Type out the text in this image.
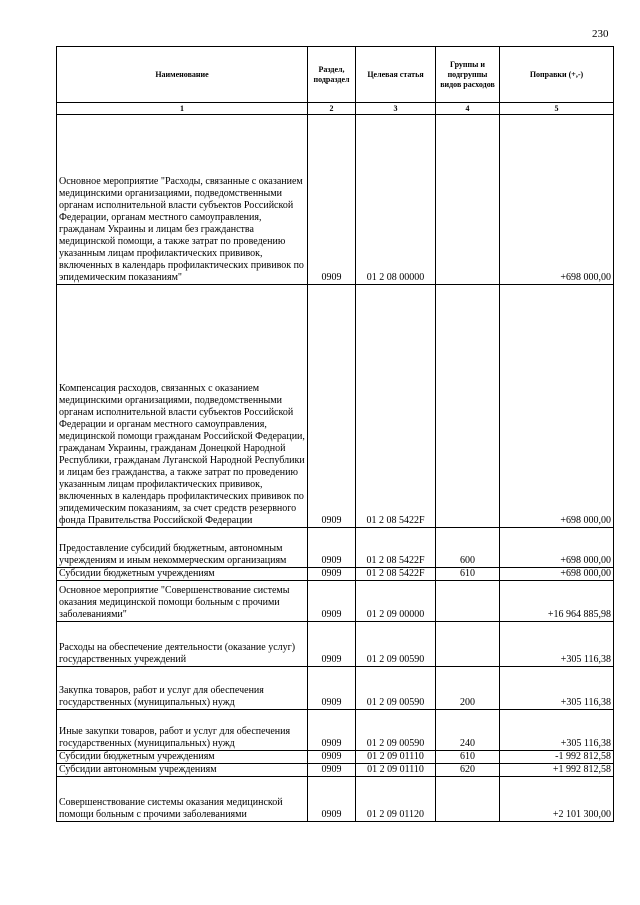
230
Наименование	Раздел, подраздел	Целевая статья	Группы и подгруппы видов расходов	Поправки (+,-)
1	2	3	4	5
Основное мероприятие "Расходы, связанные с оказанием медицинскими организациями, подведомственными органам исполнительной власти субъектов Российской Федерации, органам местного самоуправления, гражданам Украины и лицам без гражданства медицинской помощи, а также затрат по проведению указанным лицам профилактических прививок, включенных в календарь профилактических прививок по эпидемическим показаниям"	0909	01 2 08 00000		+698 000,00
Компенсация расходов, связанных с оказанием медицинскими организациями, подведомственными органам исполнительной власти субъектов Российской Федерации и органам местного самоуправления, медицинской помощи гражданам Российской Федерации, гражданам Украины, гражданам Донецкой Народной Республики, гражданам Луганской Народной Республики и лицам без гражданства, а также затрат по проведению указанным лицам профилактических прививок, включенных в календарь профилактических прививок по эпидемическим показаниям, за счет средств резервного фонда Правительства Российской Федерации	0909	01 2 08 5422F		+698 000,00
Предоставление субсидий бюджетным, автономным учреждениям и иным некоммерческим организациям	0909	01 2 08 5422F	600	+698 000,00
Субсидии бюджетным учреждениям	0909	01 2 08 5422F	610	+698 000,00
Основное мероприятие "Совершенствование системы оказания медицинской помощи больным с прочими заболеваниями"	0909	01 2 09 00000		+16 964 885,98
Расходы на обеспечение деятельности (оказание услуг) государственных учреждений	0909	01 2 09 00590		+305 116,38
Закупка товаров, работ и услуг для обеспечения государственных (муниципальных) нужд	0909	01 2 09 00590	200	+305 116,38
Иные закупки товаров, работ и услуг для обеспечения государственных (муниципальных) нужд	0909	01 2 09 00590	240	+305 116,38
Субсидии бюджетным учреждениям	0909	01 2 09 01110	610	-1 992 812,58
Субсидии автономным учреждениям	0909	01 2 09 01110	620	+1 992 812,58
Совершенствование системы оказания медицинской помощи больным с прочими заболеваниями	0909	01 2 09 01120		+2 101 300,00
